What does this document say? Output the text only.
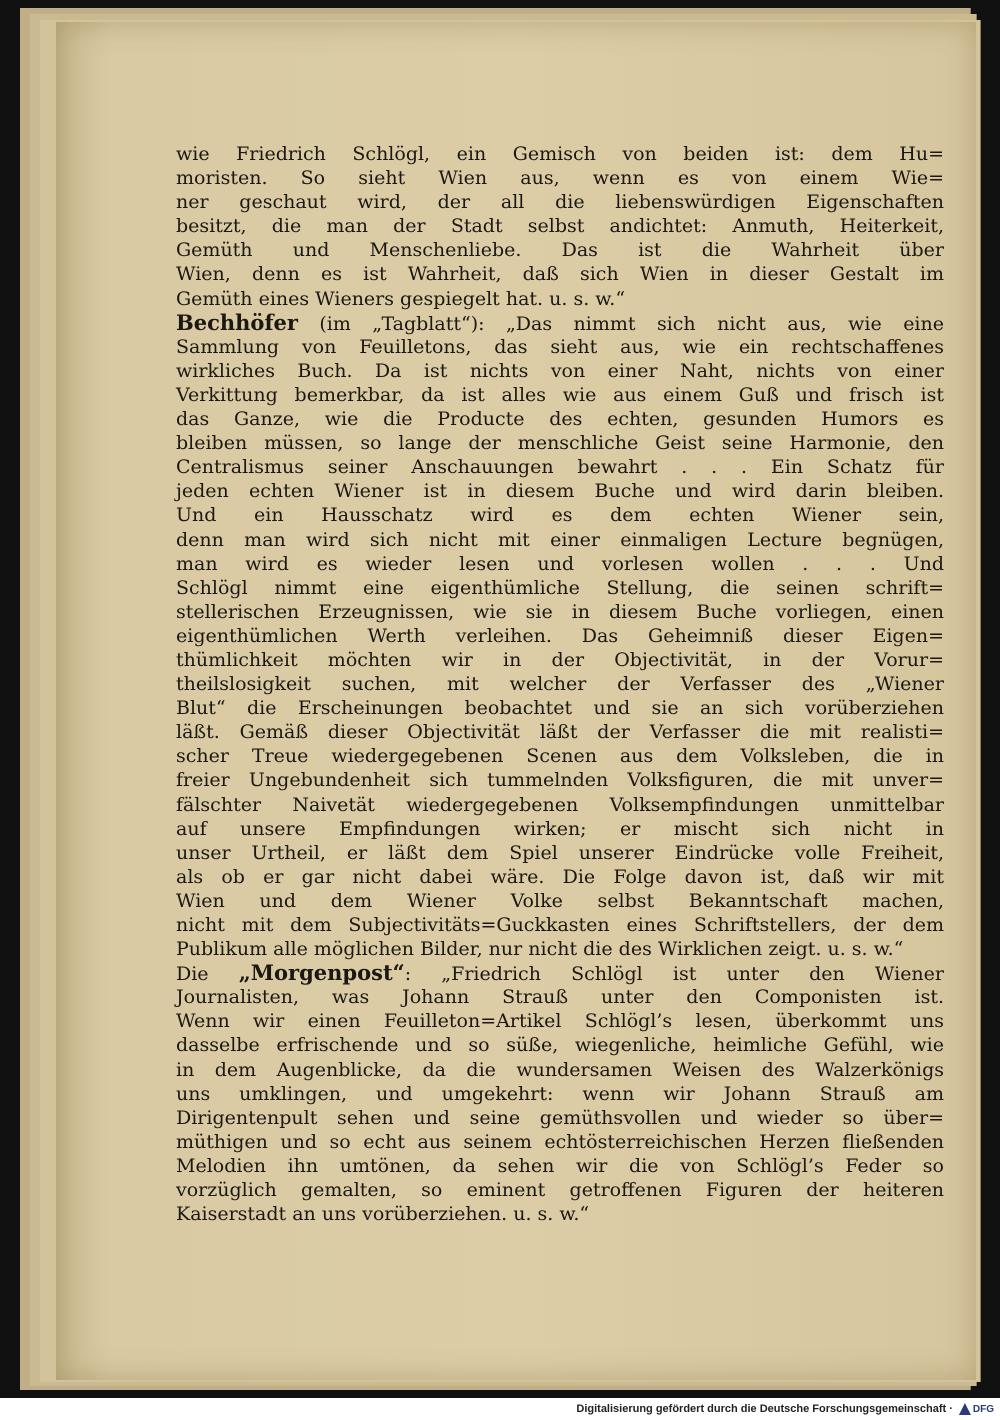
wie Friedrich Schlögl, ein Gemisch von beiden ist: dem Hu=
moristen. So sieht Wien aus, wenn es von einem Wie=
ner geschaut wird, der all die liebenswürdigen Eigenschaften
besitzt, die man der Stadt selbst andichtet: Anmuth, Heiterkeit,
Gemüth und Menschenliebe. Das ist die Wahrheit über
Wien, denn es ist Wahrheit, daß sich Wien in dieser Gestalt im
Gemüth eines Wieners gespiegelt hat. u. s. w.“
Bechhöfer (im „Tagblatt“): „Das nimmt sich nicht aus, wie eine
Sammlung von Feuilletons, das sieht aus, wie ein rechtschaffenes
wirkliches Buch. Da ist nichts von einer Naht, nichts von einer
Verkittung bemerkbar, da ist alles wie aus einem Guß und frisch ist
das Ganze, wie die Producte des echten, gesunden Humors es
bleiben müssen, so lange der menschliche Geist seine Harmonie, den
Centralismus seiner Anschauungen bewahrt . . . Ein Schatz für
jeden echten Wiener ist in diesem Buche und wird darin bleiben.
Und ein Hausschatz wird es dem echten Wiener sein,
denn man wird sich nicht mit einer einmaligen Lecture begnügen,
man wird es wieder lesen und vorlesen wollen . . . Und
Schlögl nimmt eine eigenthümliche Stellung, die seinen schrift=
stellerischen Erzeugnissen, wie sie in diesem Buche vorliegen, einen
eigenthümlichen Werth verleihen. Das Geheimniß dieser Eigen=
thümlichkeit möchten wir in der Objectivität, in der Vorur=
theilslosigkeit suchen, mit welcher der Verfasser des „Wiener
Blut“ die Erscheinungen beobachtet und sie an sich vorüberziehen
läßt. Gemäß dieser Objectivität läßt der Verfasser die mit realisti=
scher Treue wiedergegebenen Scenen aus dem Volksleben, die in
freier Ungebundenheit sich tummelnden Volksfiguren, die mit unver=
fälschter Naivetät wiedergegebenen Volksempfindungen unmittelbar
auf unsere Empfindungen wirken; er mischt sich nicht in
unser Urtheil, er läßt dem Spiel unserer Eindrücke volle Freiheit,
als ob er gar nicht dabei wäre. Die Folge davon ist, daß wir mit
Wien und dem Wiener Volke selbst Bekanntschaft machen,
nicht mit dem Subjectivitäts=Guckkasten eines Schriftstellers, der dem
Publikum alle möglichen Bilder, nur nicht die des Wirklichen zeigt. u. s. w.“
Die „Morgenpost“: „Friedrich Schlögl ist unter den Wiener
Journalisten, was Johann Strauß unter den Componisten ist.
Wenn wir einen Feuilleton=Artikel Schlögl’s lesen, überkommt uns
dasselbe erfrischende und so süße, wiegenliche, heimliche Gefühl, wie
in dem Augenblicke, da die wundersamen Weisen des Walzerkönigs
uns umklingen, und umgekehrt: wenn wir Johann Strauß am
Dirigentenpult sehen und seine gemüthsvollen und wieder so über=
müthigen und so echt aus seinem echtösterreichischen Herzen fließenden
Melodien ihn umtönen, da sehen wir die von Schlögl’s Feder so
vorzüglich gemalten, so eminent getroffenen Figuren der heiteren
Kaiserstadt an uns vorüberziehen. u. s. w.“
Digitalisierung gefördert durch die Deutsche Forschungsgemeinschaft · DFG
